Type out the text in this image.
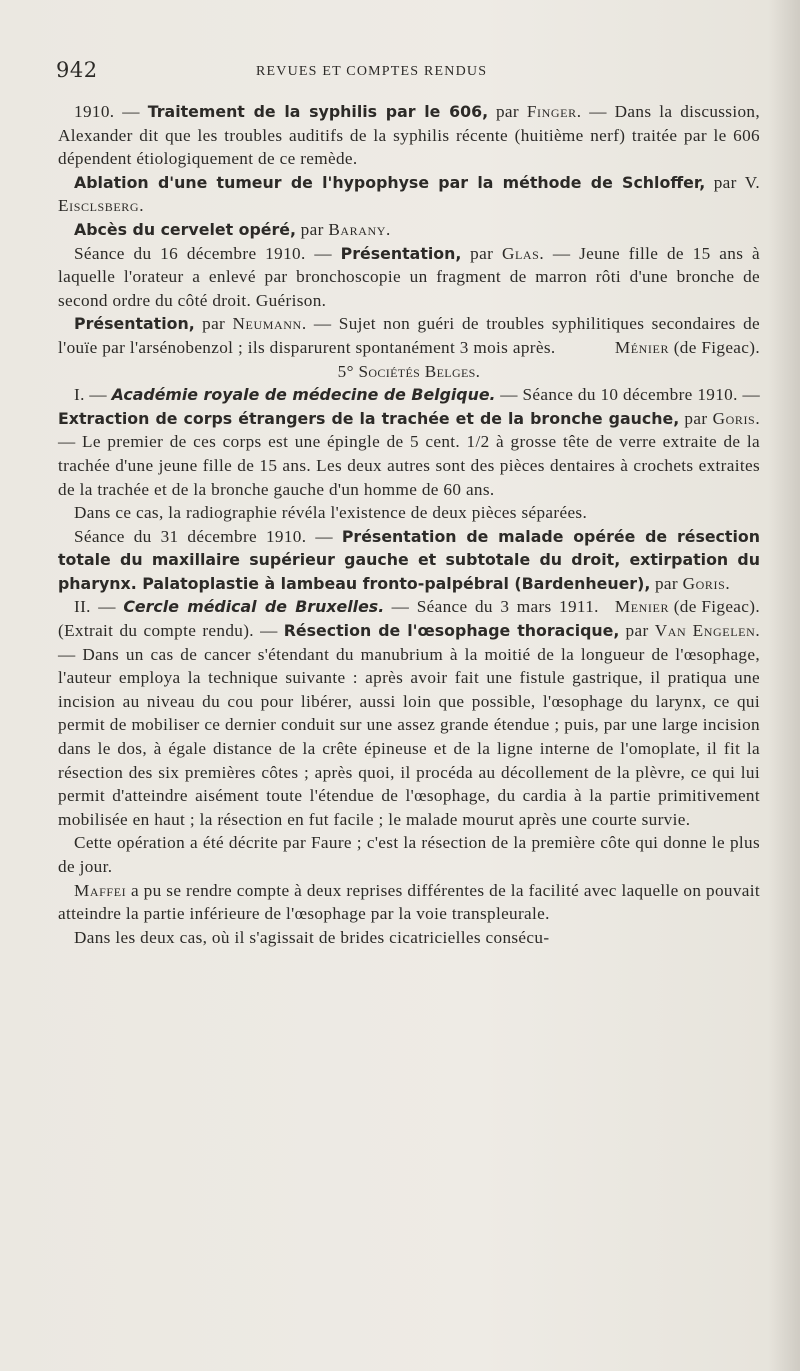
942	REVUES ET COMPTES RENDUS

1910. — Traitement de la syphilis par le 606, par Finger. — Dans la discussion, Alexander dit que les troubles auditifs de la syphilis récente (huitième nerf) traitée par le 606 dépendent étiologiquement de ce remède.

Ablation d'une tumeur de l'hypophyse par la méthode de Schloffer, par V. Eisclsberg.

Abcès du cervelet opéré, par Barany.

Séance du 16 décembre 1910. — Présentation, par Glas. — Jeune fille de 15 ans à laquelle l'orateur a enlevé par bronchoscopie un fragment de marron rôti d'une bronche de second ordre du côté droit. Guérison.

Présentation, par Neumann. — Sujet non guéri de troubles syphilitiques secondaires de l'ouïe par l'arsénobenzol ; ils disparurent spontanément 3 mois après.	Ménier (de Figeac).

5° Sociétés Belges.

I. — Académie royale de médecine de Belgique. — Séance du 10 décembre 1910. — Extraction de corps étrangers de la trachée et de la bronche gauche, par Goris. — Le premier de ces corps est une épingle de 5 cent. 1/2 à grosse tête de verre extraite de la trachée d'une jeune fille de 15 ans. Les deux autres sont des pièces dentaires à crochets extraites de la trachée et de la bronche gauche d'un homme de 60 ans.

Dans ce cas, la radiographie révéla l'existence de deux pièces séparées.

Séance du 31 décembre 1910. — Présentation de malade opérée de résection totale du maxillaire supérieur gauche et subtotale du droit, extirpation du pharynx. Palatoplastie à lambeau fronto-palpébral (Bardenheuer), par Goris.
Menier (de Figeac).

II. — Cercle médical de Bruxelles. — Séance du 3 mars 1911. (Extrait du compte rendu). — Résection de l'œsophage thoracique, par Van Engelen. — Dans un cas de cancer s'étendant du manubrium à la moitié de la longueur de l'œsophage, l'auteur employa la technique suivante : après avoir fait une fistule gastrique, il pratiqua une incision au niveau du cou pour libérer, aussi loin que possible, l'œsophage du larynx, ce qui permit de mobiliser ce dernier conduit sur une assez grande étendue ; puis, par une large incision dans le dos, à égale distance de la crête épineuse et de la ligne interne de l'omoplate, il fit la résection des six premières côtes ; après quoi, il procéda au décollement de la plèvre, ce qui lui permit d'atteindre aisément toute l'étendue de l'œsophage, du cardia à la partie primitivement mobilisée en haut ; la résection en fut facile ; le malade mourut après une courte survie.

Cette opération a été décrite par Faure ; c'est la résection de la première côte qui donne le plus de jour.

Maffei a pu se rendre compte à deux reprises différentes de la facilité avec laquelle on pouvait atteindre la partie inférieure de l'œsophage par la voie transpleurale.

Dans les deux cas, où il s'agissait de brides cicatricielles consécu-
